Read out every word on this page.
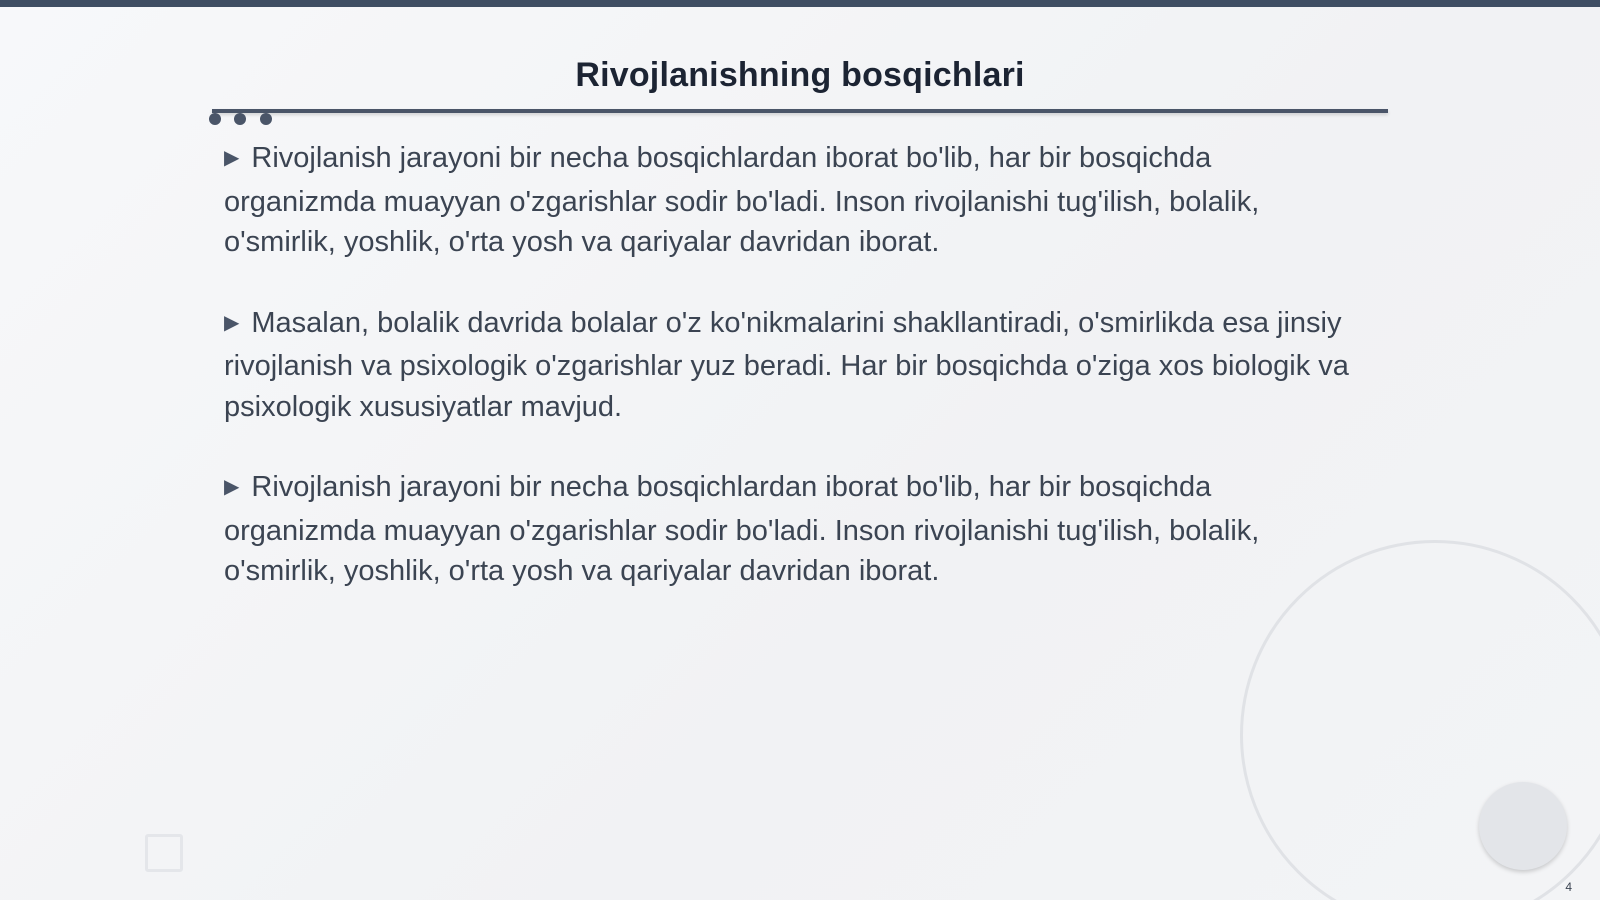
Rivojlanishning bosqichlari

▶ Rivojlanish jarayoni bir necha bosqichlardan iborat bo'lib, har bir bosqichda organizmda muayyan o'zgarishlar sodir bo'ladi. Inson rivojlanishi tug'ilish, bolalik, o'smirlik, yoshlik, o'rta yosh va qariyalar davridan iborat.

▶ Masalan, bolalik davrida bolalar o'z ko'nikmalarini shakllantiradi, o'smirlikda esa jinsiy rivojlanish va psixologik o'zgarishlar yuz beradi. Har bir bosqichda o'ziga xos biologik va psixologik xususiyatlar mavjud.

▶ Rivojlanish jarayoni bir necha bosqichlardan iborat bo'lib, har bir bosqichda organizmda muayyan o'zgarishlar sodir bo'ladi. Inson rivojlanishi tug'ilish, bolalik, o'smirlik, yoshlik, o'rta yosh va qariyalar davridan iborat.

4
